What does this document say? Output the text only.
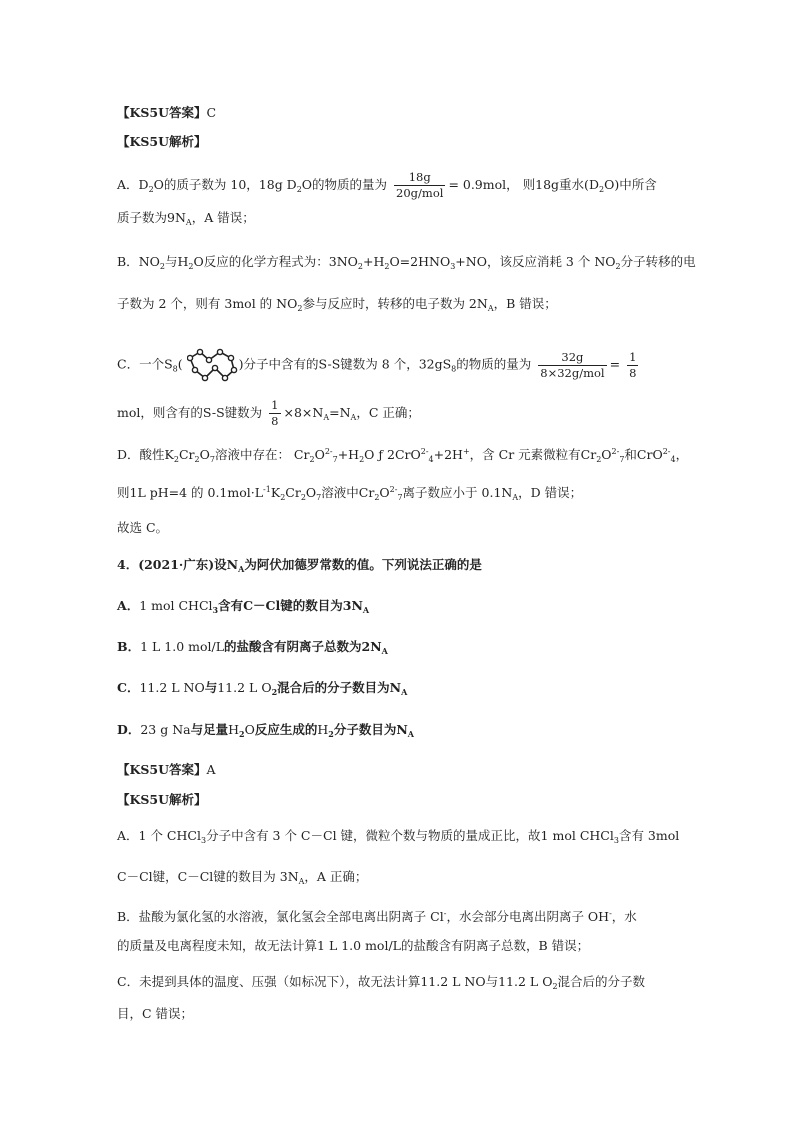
【KS5U答案】C
【KS5U解析】
A．$D_2O$的质子数为 10，18g $D_2O$的物质的量为 $\frac{18g}{\text{20g/mol}} = 0.9mol$， 则18g重水$(D_2O)$中所含
质子数为$9N_A$，A 错误；
B．$NO_2$与$H_2O$反应的化学方程式为：$3NO_2+H_2O=2HNO_3+NO$，该反应消耗 3 个 $NO_2$分子转移的电
子数为 2 个，则有 3mol 的 $NO_2$参与反应时，转移的电子数为 $2N_A$，B 错误；
C．一个$S_8$(	)分子中含有的S-S键数为 8 个，$32gS_8$的物质的量为 $\frac{32g}{\text{8×32g/mol}} = \frac{1}{8}$
mol，则含有的S-S键数为 $\frac{1}{8} \times 8\times N_A=N_A$，C 正确；
D．酸性$K_2Cr_2O_7$溶液中存在： $Cr_2O^{2-}_7+H_2O$ ƒ 2CrO$^{2-}_4$+2H+，含 Cr 元素微粒有$Cr_2O^{2-}_7$和CrO$^{2-}_4$，
则1L pH=4 的 $0.1mol\cdot L^{-1}K_2Cr_2O_7$溶液中$Cr_2O^{2-}_7$离子数应小于 $0.1N_A$，D 错误；
故选 C。
4．(2021·广东)设$N_A$为阿伏加德罗常数的值。下列说法正确的是
A．1 mol CHCl$_3$含有C－Cl键的数目为$3N_A$
B．1 L 1.0 mol/L的盐酸含有阴离子总数为$2N_A$
C．11.2 L NO与11.2 L $O_2$混合后的分子数目为$N_A$
D．23 g Na与足量$H_2O$反应生成的$H_2$分子数目为$N_A$
【KS5U答案】A
【KS5U解析】
A．1 个 CHCl$_3$分子中含有 3 个 C－Cl 键，微粒个数与物质的量成正比，故1 mol CHCl$_3$含有 3mol
C－Cl键，C－Cl键的数目为 $3N_A$，A 正确；
B．盐酸为氯化氢的水溶液，氯化氢会全部电离出阴离子 Cl-，水会部分电离出阴离子 OH-，水
的质量及电离程度未知，故无法计算1 L 1.0 mol/L的盐酸含有阴离子总数，B 错误；
C．未提到具体的温度、压强（如标况下），故无法计算11.2 L NO与11.2 L $O_2$混合后的分子数
目，C 错误；
